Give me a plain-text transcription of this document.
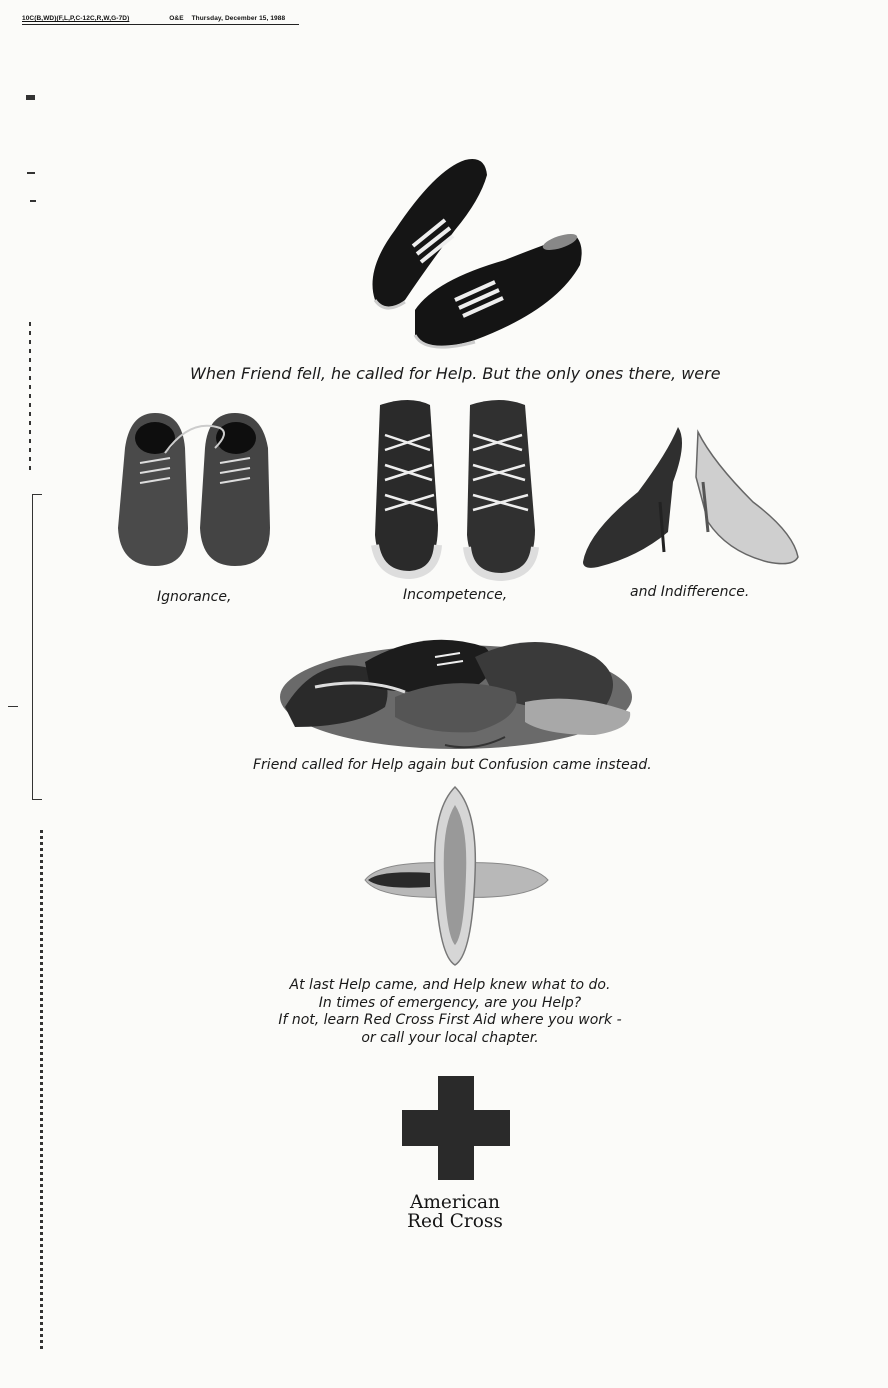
10C(B,WD)(F,L,P,C-12C,R,W,G-7D)	O&E Thursday, December 15, 1988
When Friend fell, he called for Help. But the only ones there, were
Ignorance,	Incompetence,	and Indifference.
Friend called for Help again but Confusion came instead.
At last Help came, and Help knew what to do.
In times of emergency, are you Help?
If not, learn Red Cross First Aid where you work -
or call your local chapter.
American
Red Cross
